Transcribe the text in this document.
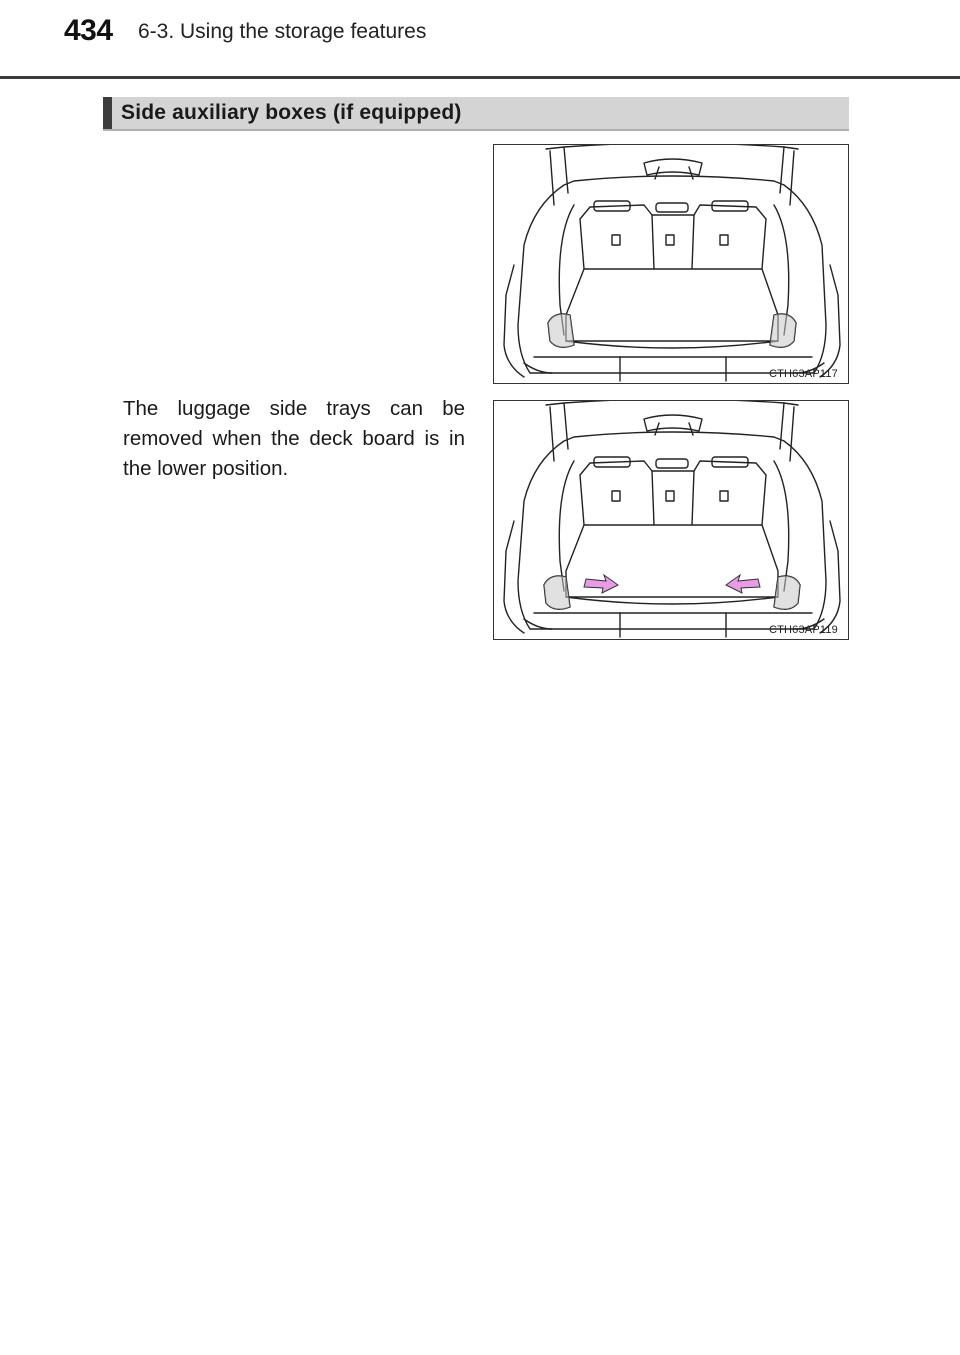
434 6-3. Using the storage features
Side auxiliary boxes (if equipped)
CTH63AP117
The luggage side trays can be removed when the deck board is in the lower position.
CTH63AP119
